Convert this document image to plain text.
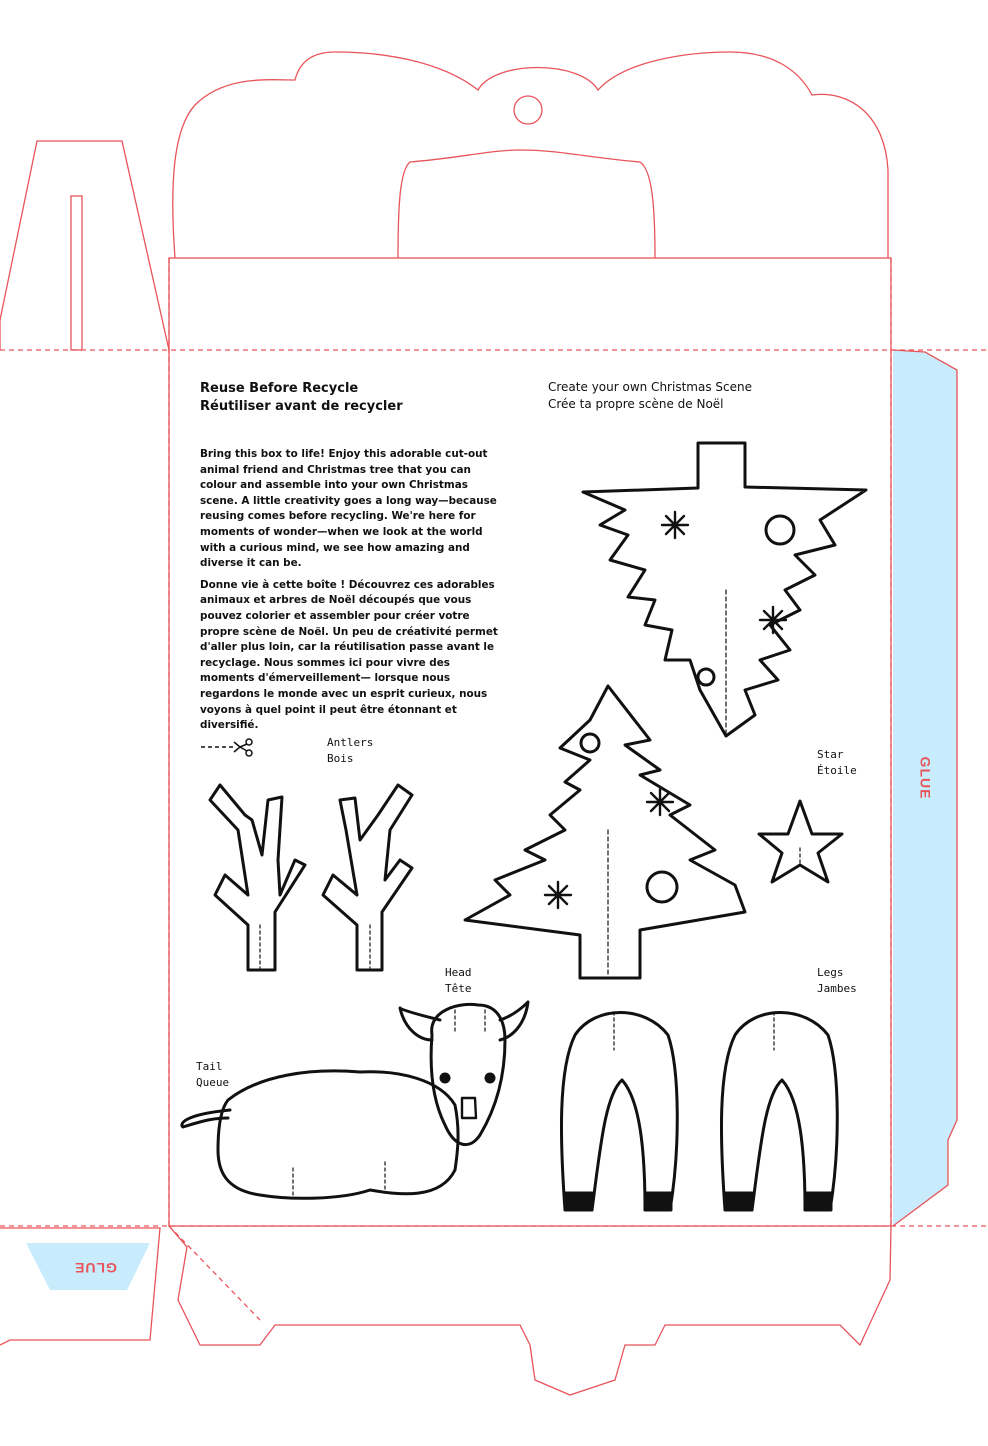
Reuse Before Recycle
Réutiliser avant de recycler

Bring this box to life! Enjoy this adorable cut-out animal friend and Christmas tree that you can colour and assemble into your own Christmas scene. A little creativity goes a long way—because reusing comes before recycling. We're here for moments of wonder—when we look at the world with a curious mind, we see how amazing and diverse it can be.

Donne vie à cette boîte ! Découvrez ces adorables animaux et arbres de Noël découpés que vous pouvez colorier et assembler pour créer votre propre scène de Noël. Un peu de créativité permet d'aller plus loin, car la réutilisation passe avant le recyclage. Nous sommes ici pour vivre des moments d'émerveillement— lorsque nous regardons le monde avec un esprit curieux, nous voyons à quel point il peut être étonnant et diversifié.

Create your own Christmas Scene
Crée ta propre scène de Noël
Antlers
Bois	Star
Étoile
Head
Tête
Legs
Jambes
Tail
Queue
GLUE
GLUE
